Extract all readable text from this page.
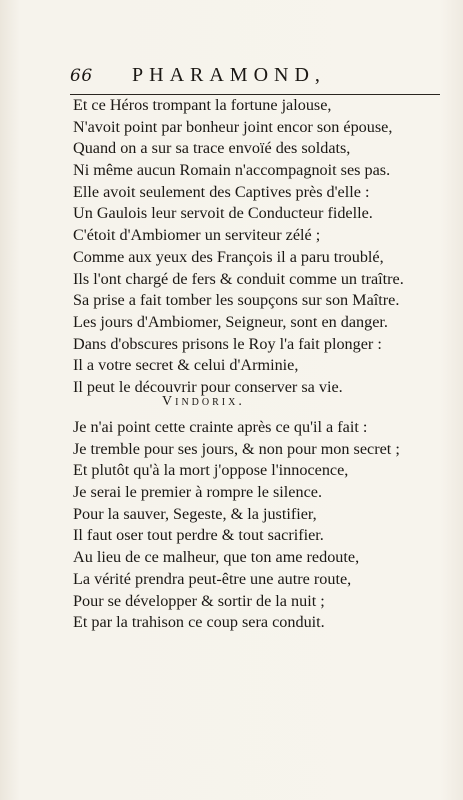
66 PHARAMOND,
Et ce Héros trompant la fortune jalouse,
N'avoit point par bonheur joint encor son épouse,
Quand on a sur sa trace envoïé des soldats,
Ni même aucun Romain n'accompagnoit ses pas.
Elle avoit seulement des Captives près d'elle :
Un Gaulois leur servoit de Conducteur fidelle.
C'étoit d'Ambiomer un serviteur zélé ;
Comme aux yeux des François il a paru troublé,
Ils l'ont chargé de fers & conduit comme un traître.
Sa prise a fait tomber les soupçons sur son Maître.
Les jours d'Ambiomer, Seigneur, sont en danger.
Dans d'obscures prisons le Roy l'a fait plonger :
Il a votre secret & celui d'Arminie,
Il peut le découvrir pour conserver sa vie.
Vindorix.
Je n'ai point cette crainte après ce qu'il a fait :
Je tremble pour ses jours, & non pour mon secret ;
Et plutôt qu'à la mort j'oppose l'innocence,
Je serai le premier à rompre le silence.
Pour la sauver, Segeste, & la justifier,
Il faut oser tout perdre & tout sacrifier.
Au lieu de ce malheur, que ton ame redoute,
La vérité prendra peut-être une autre route,
Pour se développer & sortir de la nuit ;
Et par la trahison ce coup sera conduit.
